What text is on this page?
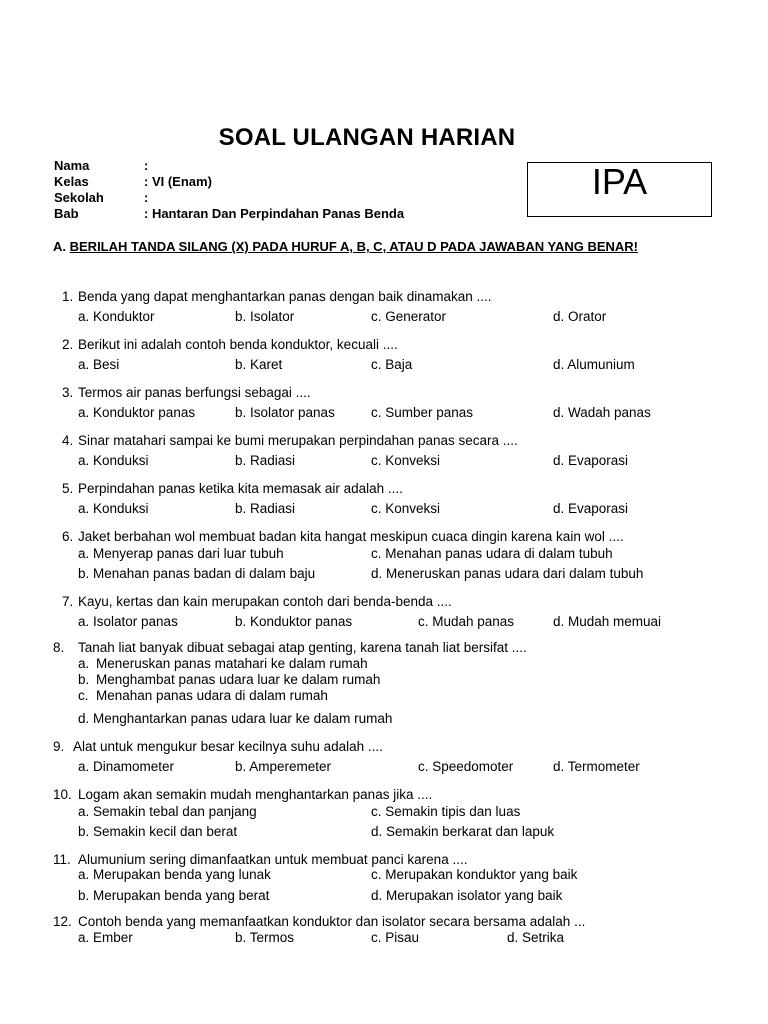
SOAL ULANGAN HARIAN
Nama	:
Kelas	: VI (Enam)
Sekolah	:
Bab	: Hantaran Dan Perpindahan Panas Benda
IPA
A. BERILAH TANDA SILANG (X) PADA HURUF A, B, C, ATAU D PADA JAWABAN YANG BENAR!
1. Benda yang dapat menghantarkan panas dengan baik dinamakan ....
a. Konduktor	b. Isolator	c. Generator	d. Orator
2. Berikut ini adalah contoh benda konduktor, kecuali ....
a. Besi	b. Karet	c. Baja	d. Alumunium
3. Termos air panas berfungsi sebagai ....
a. Konduktor panas	b. Isolator panas	c. Sumber panas	d. Wadah panas
4. Sinar matahari sampai ke bumi merupakan perpindahan panas secara ....
a. Konduksi	b. Radiasi	c. Konveksi	d. Evaporasi
5. Perpindahan panas ketika kita memasak air adalah ....
a. Konduksi	b. Radiasi	c. Konveksi	d. Evaporasi
6. Jaket berbahan wol membuat badan kita hangat meskipun cuaca dingin karena kain wol ....
a. Menyerap panas dari luar tubuh	c. Menahan panas udara di dalam tubuh
b. Menahan panas badan di dalam baju	d. Meneruskan panas udara dari dalam tubuh
7. Kayu, kertas dan kain merupakan contoh dari benda-benda ....
a. Isolator panas	b. Konduktor panas	c. Mudah panas	d. Mudah memuai
8. Tanah liat banyak dibuat sebagai atap genting, karena tanah liat bersifat ....
a. Meneruskan panas matahari ke dalam rumah
b. Menghambat panas udara luar ke dalam rumah
c. Menahan panas udara di dalam rumah
d. Menghantarkan panas udara luar ke dalam rumah
9. Alat untuk mengukur besar kecilnya suhu adalah ....
a. Dinamometer	b. Amperemeter	c. Speedomoter	d. Termometer
10. Logam akan semakin mudah menghantarkan panas jika ....
a. Semakin tebal dan panjang	c. Semakin tipis dan luas
b. Semakin kecil dan berat	d. Semakin berkarat dan lapuk
11. Alumunium sering dimanfaatkan untuk membuat panci karena ....
a. Merupakan benda yang lunak	c. Merupakan konduktor yang baik
b. Merupakan benda yang berat	d. Merupakan isolator yang baik
12. Contoh benda yang memanfaatkan konduktor dan isolator secara bersama adalah ...
a. Ember	b. Termos	c. Pisau	d. Setrika
